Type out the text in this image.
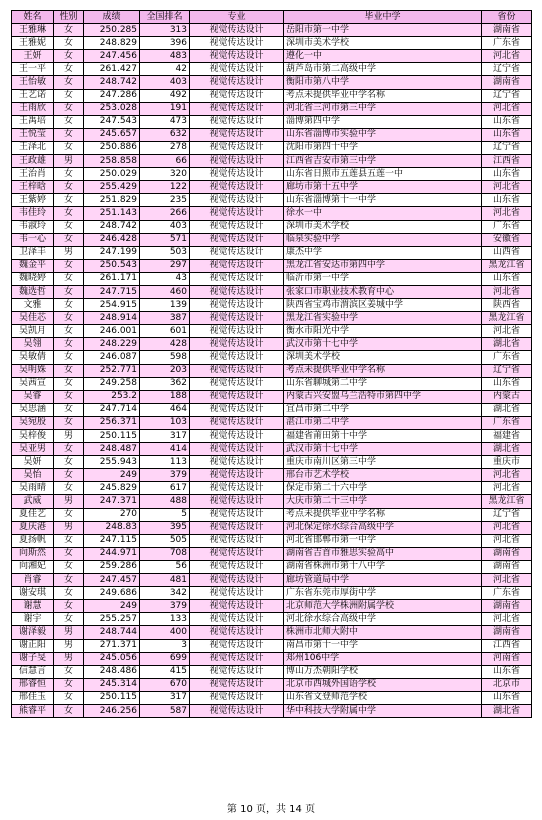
姓名	性别	成绩	全国排名	专业	毕业中学	省份
王雅琳	女	250.285	313	视觉传达设计	岳阳市第一中学	湖南省
王雅妮	女	248.829	396	视觉传达设计	深圳市美术学校	广东省
王妍	女	247.456	483	视觉传达设计	遵化一中	河北省
王一平	女	261.427	42	视觉传达设计	葫芦岛市第二高级中学	辽宁省
王怡敏	女	248.742	403	视觉传达设计	衡阳市第八中学	湖南省
王艺诺	女	247.286	492	视觉传达设计	考点未提供毕业中学名称	辽宁省
王雨欣	女	253.028	191	视觉传达设计	河北省三河市第三中学	河北省
王禹培	女	247.543	473	视觉传达设计	淄博第四中学	山东省
王悦莹	女	245.657	632	视觉传达设计	山东省淄博市实验中学	山东省
王泽北	女	250.886	278	视觉传达设计	沈阳市第四十中学	辽宁省
王政雄	男	258.858	66	视觉传达设计	江西省吉安市第三中学	江西省
王治肖	女	250.029	320	视觉传达设计	山东省日照市五莲县五莲一中	山东省
王梓晗	女	255.429	122	视觉传达设计	廊坊市第十五中学	河北省
王紫婷	女	251.829	235	视觉传达设计	山东省淄博第十一中学	山东省
韦佳玲	女	251.143	266	视觉传达设计	徐水一中	河北省
韦淑玲	女	248.742	403	视觉传达设计	深圳市美术学校	广东省
韦一心	女	246.428	571	视觉传达设计	临泉实验中学	安徽省
卫泽丰	男	247.199	503	视觉传达设计	康杰中学	山西省
魏金平	女	250.543	297	视觉传达设计	黑龙江省安达市第四中学	黑龙江省
魏晓婷	女	261.171	43	视觉传达设计	临沂市第一中学	山东省
魏选哲	女	247.715	460	视觉传达设计	张家口市职业技术教育中心	河北省
文雅	女	254.915	139	视觉传达设计	陕西省宝鸡市渭滨区姜城中学	陕西省
吴佳芯	女	248.914	387	视觉传达设计	黑龙江省实验中学	黑龙江省
吴凯月	女	246.001	601	视觉传达设计	衡水市阳光中学	河北省
吴翎	女	248.229	428	视觉传达设计	武汉市第十七中学	湖北省
吴敏倩	女	246.087	598	视觉传达设计	深圳美术学校	广东省
吴明姝	女	252.771	203	视觉传达设计	考点未提供毕业中学名称	辽宁省
吴茜宣	女	249.258	362	视觉传达设计	山东省聊城第二中学	山东省
吴睿	女	253.2	188	视觉传达设计	内蒙古兴安盟乌兰浩特市第四中学	内蒙古
吴思涵	女	247.714	464	视觉传达设计	宜昌市第二中学	湖北省
吴宛殷	女	256.371	103	视觉传达设计	湛江市第二中学	广东省
吴梓俊	男	250.115	317	视觉传达设计	福建省莆田第十中学	福建省
吴亚男	女	248.487	414	视觉传达设计	武汉市第十七中学	湖北省
吴妍	女	255.943	113	视觉传达设计	重庆市南川区第三中学	重庆市
吴怡	女	249	379	视觉传达设计	邢台市艺术学校	河北省
吴雨晴	女	245.829	617	视觉传达设计	保定市第二十六中学	河北省
武威	男	247.371	488	视觉传达设计	大庆市第二十三中学	黑龙江省
夏佳艺	女	270	5	视觉传达设计	考点未提供毕业中学名称	辽宁省
夏庆港	男	248.83	395	视觉传达设计	河北保定徐水综合高级中学	河北省
夏扬帆	女	247.115	505	视觉传达设计	河北省邯郸市第一中学	河北省
向斯然	女	244.971	708	视觉传达设计	湖南省吉首市雅思实验高中	湖南省
向湘妃	女	259.286	56	视觉传达设计	湖南省株洲市第十八中学	湖南省
肖睿	女	247.457	481	视觉传达设计	廊坊管道局中学	河北省
谢安琪	女	249.686	342	视觉传达设计	广东省东莞市厚街中学	广东省
谢慧	女	249	379	视觉传达设计	北京师范大学株洲附属学校	湖南省
谢宇	女	255.257	133	视觉传达设计	河北徐水综合高级中学	河北省
谢泽毅	男	248.744	400	视觉传达设计	株洲市北师大附中	湖南省
谢正阳	男	271.371	3	视觉传达设计	南昌市第十一中学	江西省
谢子旻	男	245.056	699	视觉传达设计	郑州106中学	河南省
信慧言	女	248.486	415	视觉传达设计	博山万杰朝阳学校	山东省
邢睿恒	女	245.314	670	视觉传达设计	北京市西城外国语学校	北京市
邢佳玉	女	250.115	317	视觉传达设计	山东省文登师范学校	山东省
熊睿平	女	246.256	587	视觉传达设计	华中科技大学附属中学	湖北省
第 10 页，共 14 页
